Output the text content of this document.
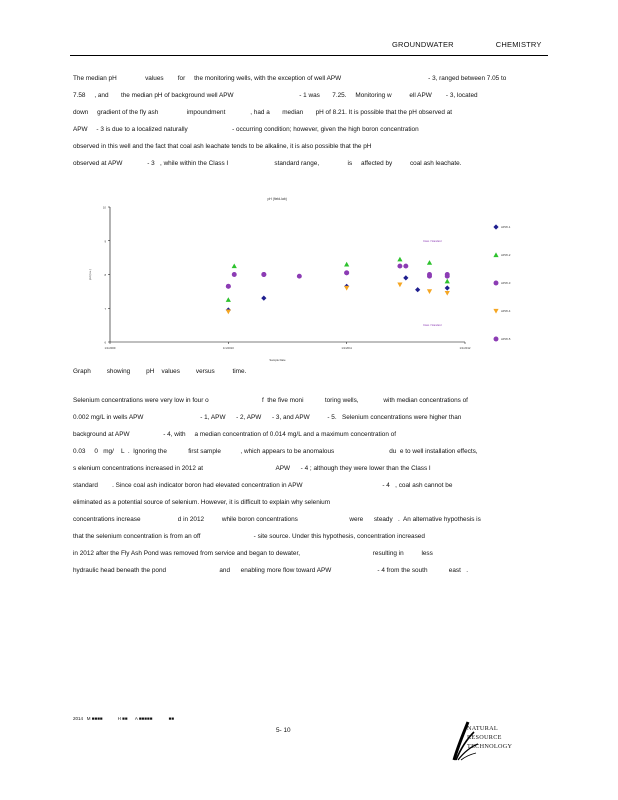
GROUNDWATER	CHEMISTRY

The median pH                values        for     the monitoring wells, with the exception of well APW                                                 - 3, ranged between 7.05 to

7.58     , and       the median pH of background well APW                                     - 1 was       7.25.     Monitoring w          ell APW        - 3, located

down     gradient of the fly ash                impoundment              , had a       median       pH of 8.21. It is possible that the pH observed at

APW     - 3 is due to a localized naturally                         - occurring condition; however, given the high boron concentration

observed in this well and the fact that coal ash leachate tends to be alkaline, it is also possible that the pH

observed at APW              - 3   , while within the Class I                          standard range,                is     affected by          coal ash leachate.

6
7
8
9
10
1/1/2009	1/1/2010	1/1/2011	1/1/2012
pH (field-lab)
Sample Date
pH (s.u.)
Class I Standard
Class I Standard
APW-1
APW-2
APW-3
APW-4
APW-5
Graph         showing         pH    values         versus          time.

Selenium concentrations were very low in four o                              f  the five moni            toring wells,              with median concentrations of

0.002 mg/L in wells APW                                - 1, APW      - 2, APW      - 3, and APW          - 5.   Selenium concentrations were higher than

background at APW                   - 4, with     a median concentration of 0.014 mg/L and a maximum concentration of

0.03     0   mg/    L  .  Ignoring the            first sample           , which appears to be anomalous                               du  e to well installation effects,

s elenium concentrations increased in 2012 at                                         APW      - 4 ; although they were lower than the Class I

standard        . Since coal ash indicator boron had elevated concentration in APW                                             - 4   , coal ash cannot be

eliminated as a potential source of selenium. However, it is difficult to explain why selenium

concentrations increase                     d in 2012          while boron concentrations                             were      steady   .  An alternative hypothesis is

that the selenium concentration is from an off                              - site source. Under this hypothesis, concentration increased

in 2012 after the Fly Ash Pond was removed from service and began to dewater,                                         resulting in          less

hydraulic head beneath the pond                              and      enabling more flow toward APW                          - 4 from the south            east   .

2014   M ■■■■            H ■■      A ■■■■■             ■■
5- 10	NATURAL
RESOURCE
TECHNOLOGY
